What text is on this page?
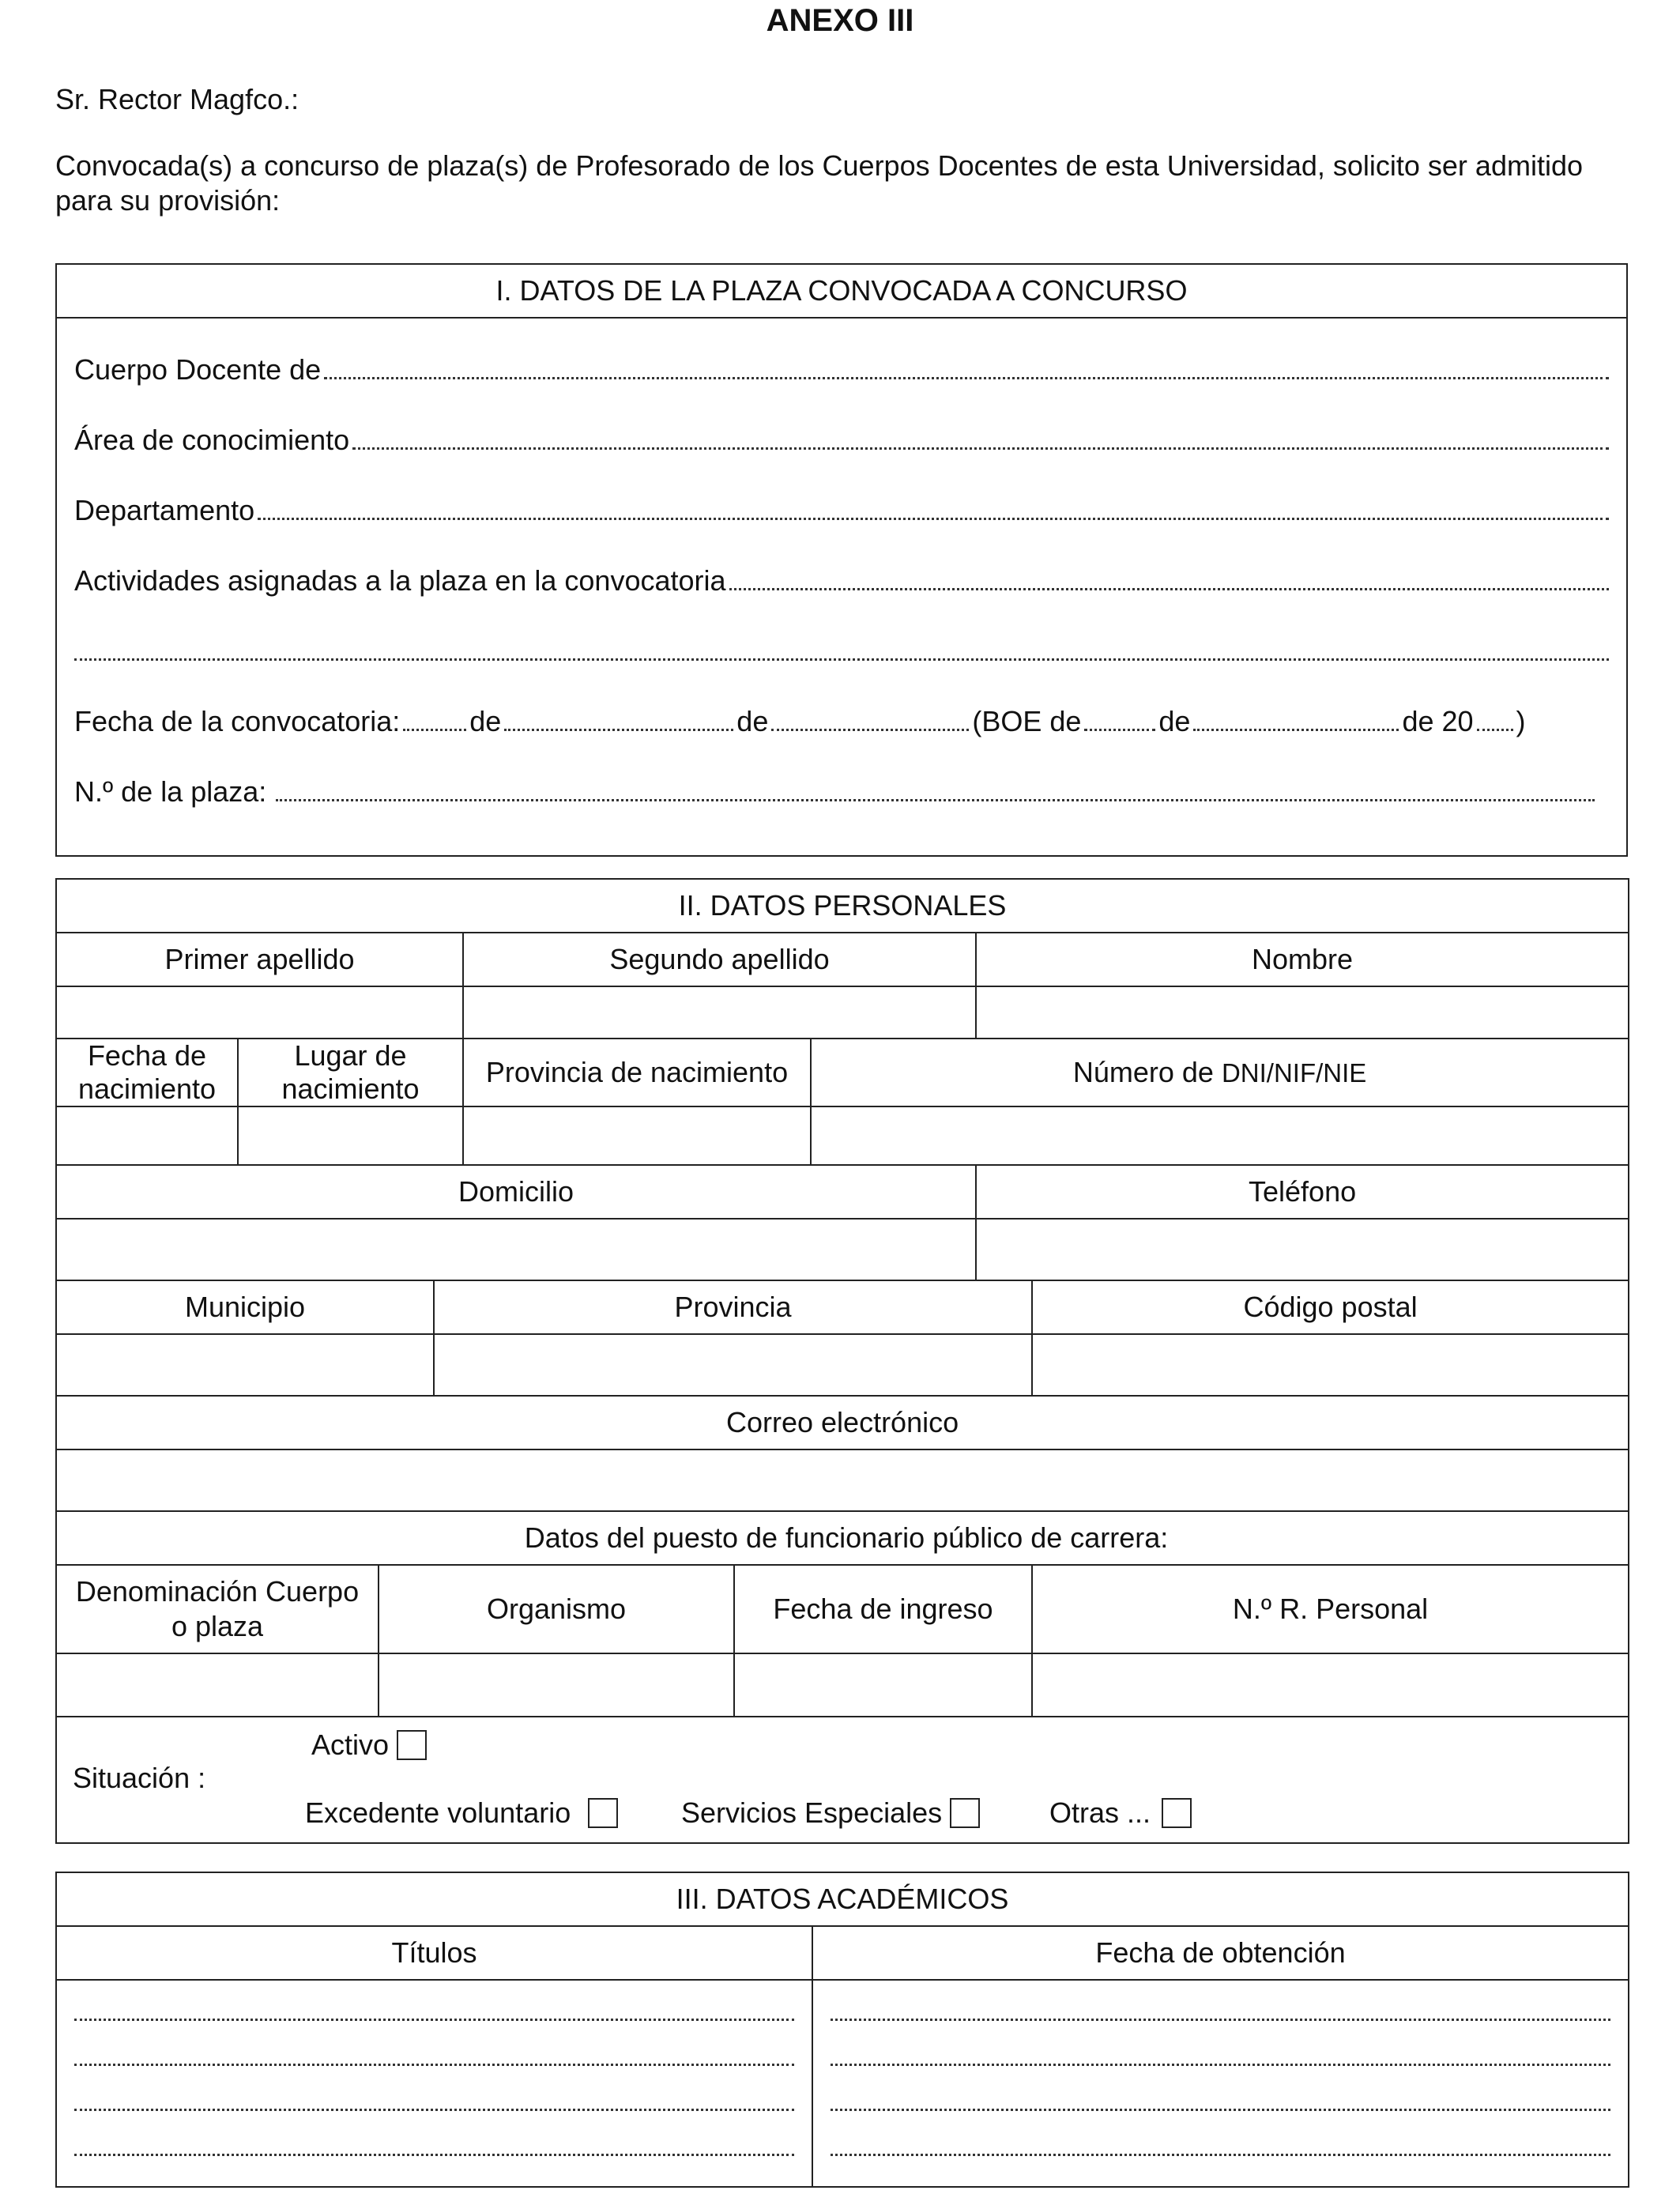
ANEXO III
Sr. Rector Magfco.:
Convocada(s) a concurso de plaza(s) de Profesorado de los Cuerpos Docentes de esta Universidad, solicito ser admitido para su provisión:
I. DATOS DE LA PLAZA CONVOCADA A CONCURSO

Cuerpo Docente de
Área de conocimiento
Departamento
Actividades asignadas a la plaza en la convocatoria
Fecha de la convocatoria: de	de	(BOE de	de	de 20 )
N.º de la plaza:
II. DATOS PERSONALES								
Primer apellido				Segundo apellido			Nombre	

Fecha de nacimiento	Lugar de nacimiento			Provincia de nacimiento		Número de DNI/NIF/NIE		

Domicilio							Teléfono	

Municipio			Provincia					Código postal

Correo electrónico								

Datos del puesto de funcionario público de carrera:								
Denominación Cuerpo
o plaza		Organismo			Fecha de ingreso			N.º R. Personal

Situación :
Activo
Excedente voluntario Servicios Especiales Otras ...								
III. DATOS ACADÉMICOS	
Títulos	Fecha de obtención
